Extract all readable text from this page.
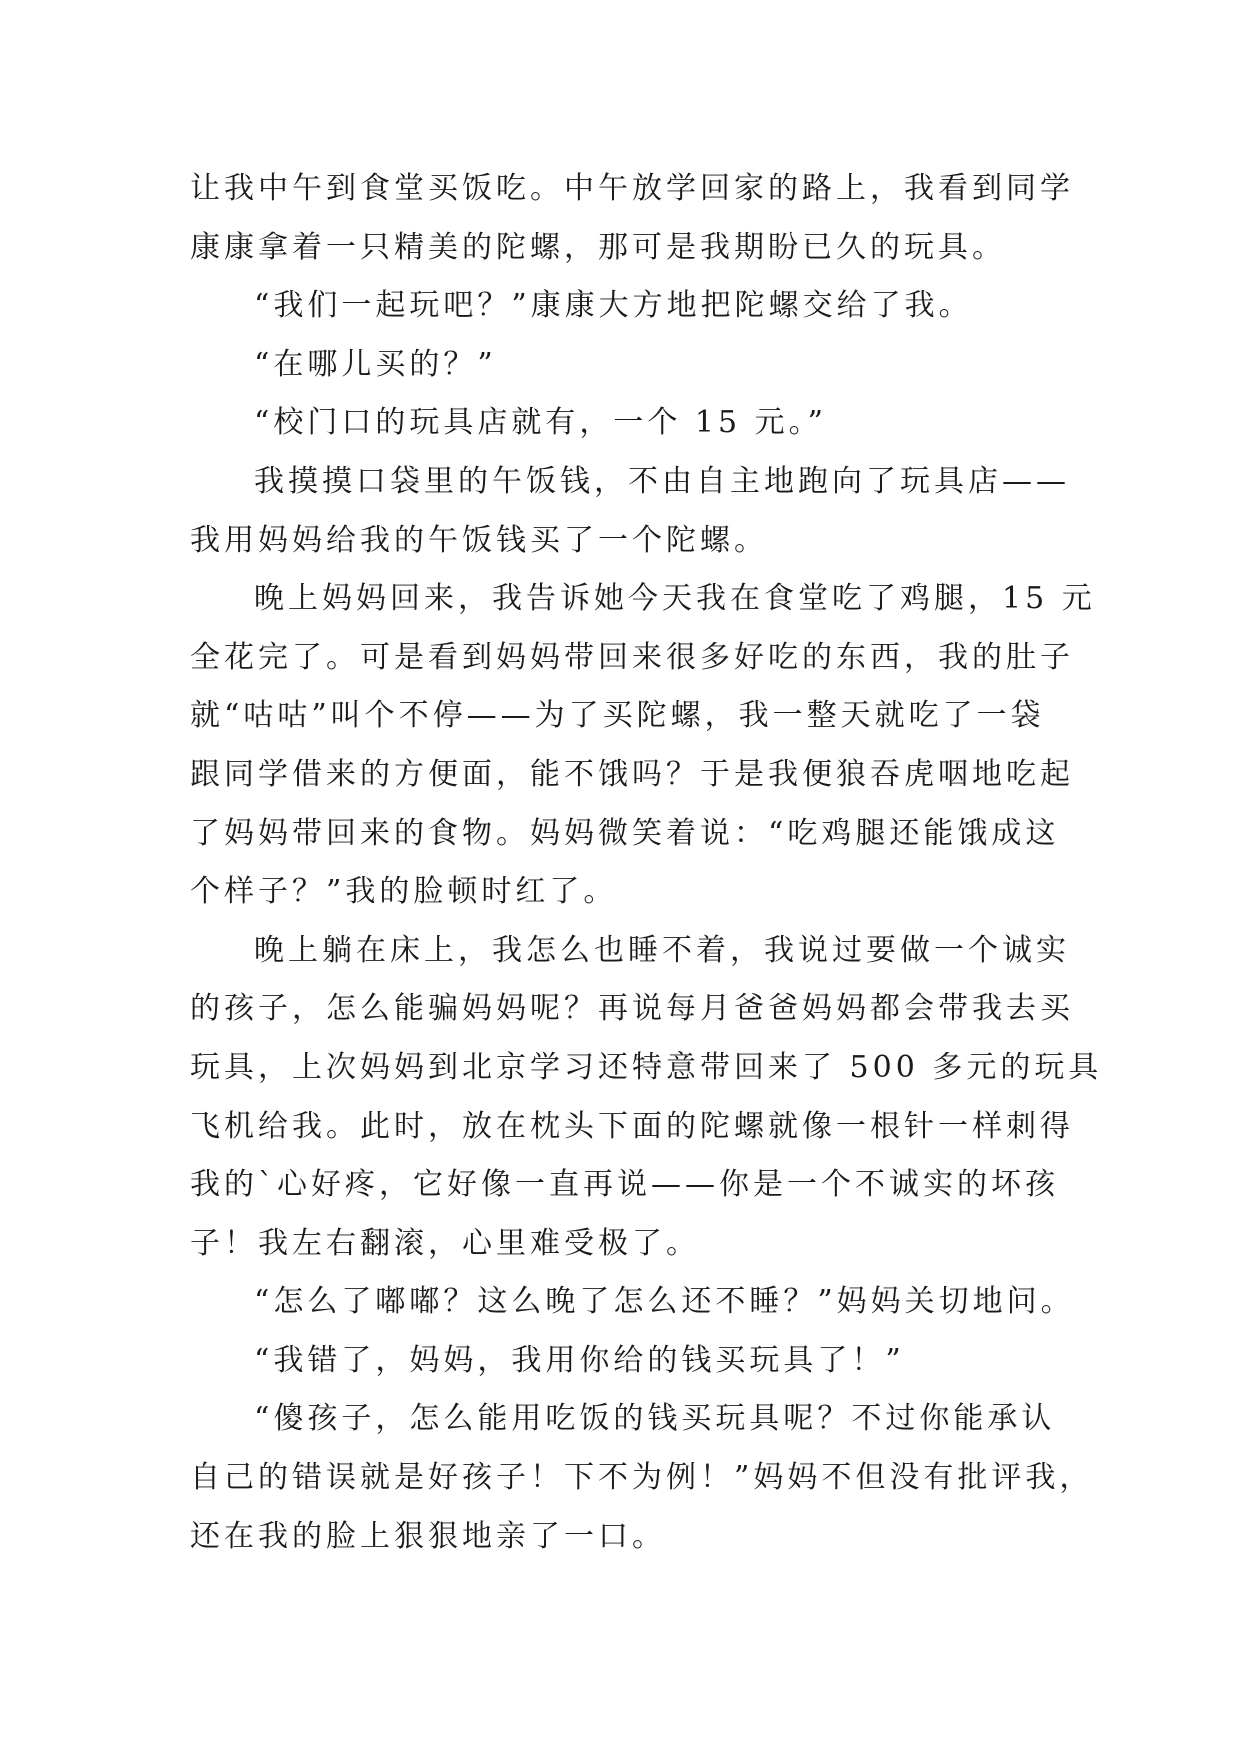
让我中午到食堂买饭吃。中午放学回家的路上，我看到同学
康康拿着一只精美的陀螺，那可是我期盼已久的玩具。
“我们一起玩吧？”康康大方地把陀螺交给了我。
“在哪儿买的？”
“校门口的玩具店就有，一个 15 元。”
我摸摸口袋里的午饭钱，不由自主地跑向了玩具店——
我用妈妈给我的午饭钱买了一个陀螺。
晚上妈妈回来，我告诉她今天我在食堂吃了鸡腿，15 元
全花完了。可是看到妈妈带回来很多好吃的东西，我的肚子
就“咕咕”叫个不停——为了买陀螺，我一整天就吃了一袋
跟同学借来的方便面，能不饿吗？于是我便狼吞虎咽地吃起
了妈妈带回来的食物。妈妈微笑着说：“吃鸡腿还能饿成这
个样子？”我的脸顿时红了。
晚上躺在床上，我怎么也睡不着，我说过要做一个诚实
的孩子，怎么能骗妈妈呢？再说每月爸爸妈妈都会带我去买
玩具，上次妈妈到北京学习还特意带回来了 500 多元的玩具
飞机给我。此时，放在枕头下面的陀螺就像一根针一样刺得
我的`心好疼，它好像一直再说——你是一个不诚实的坏孩
子！我左右翻滚，心里难受极了。
“怎么了嘟嘟？这么晚了怎么还不睡？”妈妈关切地问。
“我错了，妈妈，我用你给的钱买玩具了！”
“傻孩子，怎么能用吃饭的钱买玩具呢？不过你能承认
自己的错误就是好孩子！下不为例！”妈妈不但没有批评我，
还在我的脸上狠狠地亲了一口。
